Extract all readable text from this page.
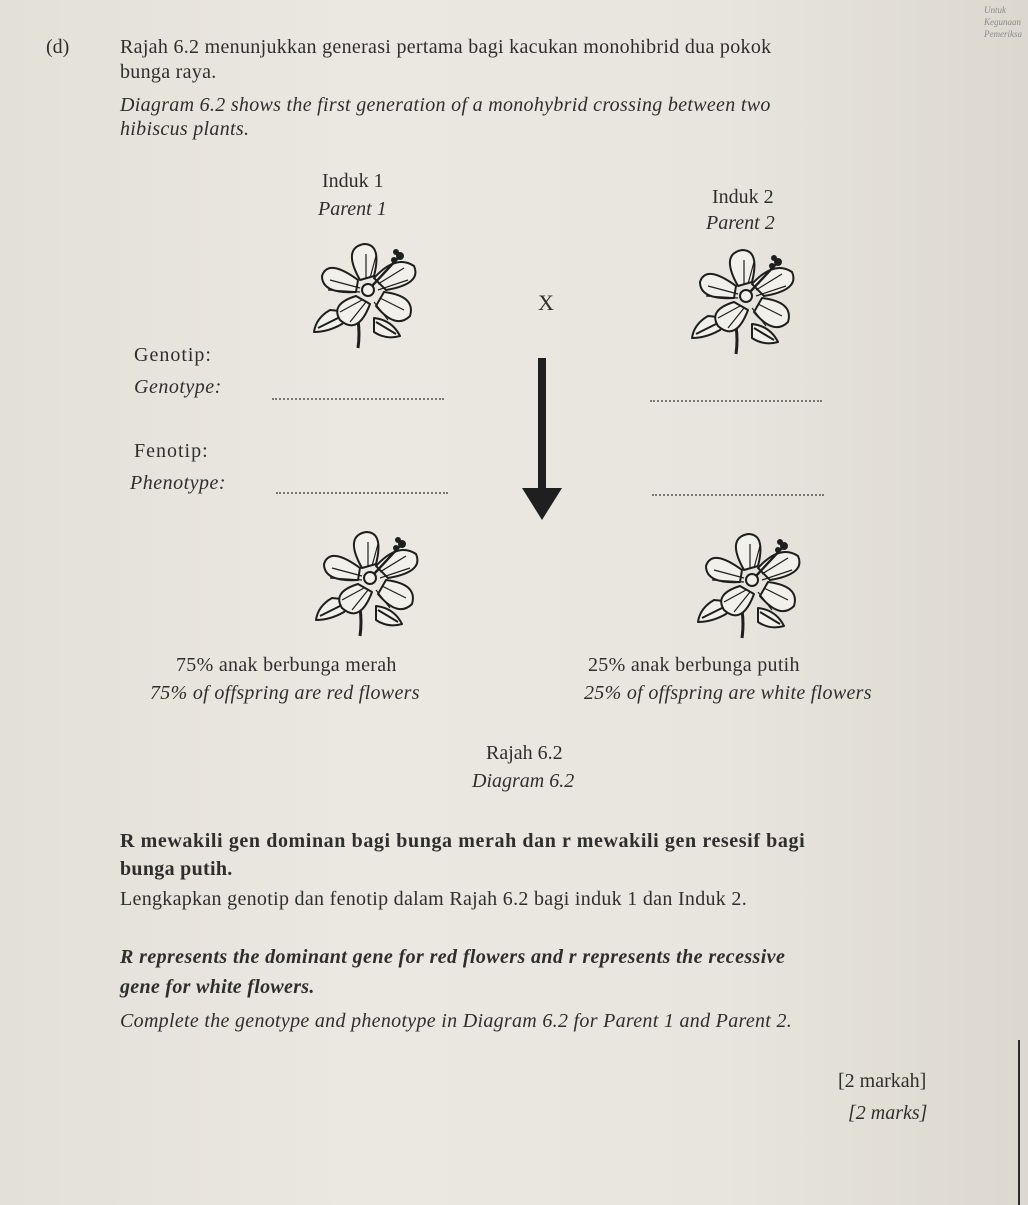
Untuk
Kegunaan
Pemeriksa
(d)	Rajah 6.2 menunjukkan generasi pertama bagi kacukan monohibrid dua pokok
bunga raya.
Diagram 6.2 shows the first generation of a monohybrid crossing between two
hibiscus plants.
Induk 1
Parent 1
Induk 2
Parent 2
X
Genotip:
Genotype:
Fenotip:
Phenotype:
75% anak berbunga merah
75% of offspring are red flowers
25% anak berbunga putih
25% of offspring are white flowers
Rajah 6.2
Diagram 6.2
R mewakili gen dominan bagi bunga merah dan r mewakili gen resesif bagi
bunga putih.
Lengkapkan genotip dan fenotip dalam Rajah 6.2 bagi induk 1 dan Induk 2.
R represents the dominant gene for red flowers and r represents the recessive
gene for white flowers.
Complete the genotype and phenotype in Diagram 6.2 for Parent 1 and Parent 2.
[2 markah]
[2 marks]
